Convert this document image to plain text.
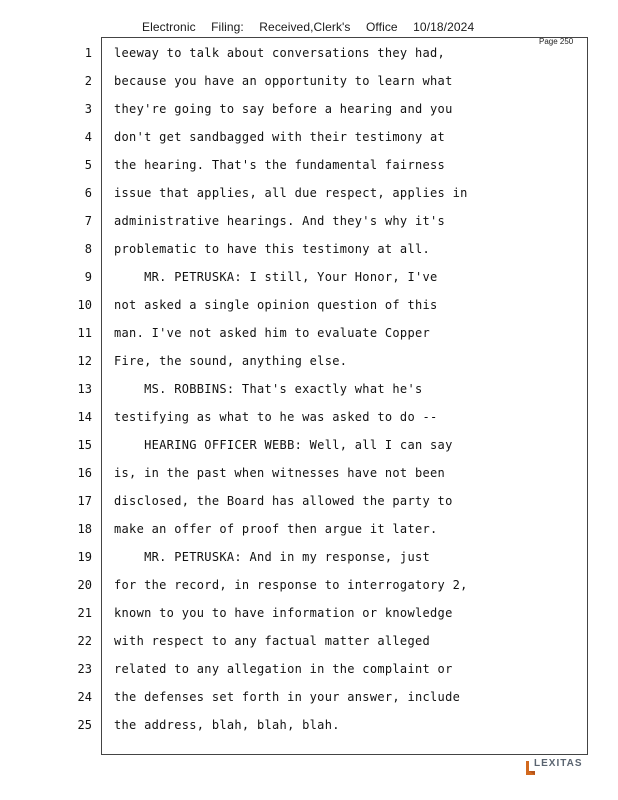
Electronic Filing: Received,Clerk's Office 10/18/2024
Page 250
1 leeway to talk about conversations they had,
2 because you have an opportunity to learn what
3 they're going to say before a hearing and you
4 don't get sandbagged with their testimony at
5 the hearing. That's the fundamental fairness
6 issue that applies, all due respect, applies in
7 administrative hearings. And they's why it's
8 problematic to have this testimony at all.
9 MR. PETRUSKA: I still, Your Honor, I've
10 not asked a single opinion question of this
11 man. I've not asked him to evaluate Copper
12 Fire, the sound, anything else.
13 MS. ROBBINS: That's exactly what he's
14 testifying as what to he was asked to do --
15 HEARING OFFICER WEBB: Well, all I can say
16 is, in the past when witnesses have not been
17 disclosed, the Board has allowed the party to
18 make an offer of proof then argue it later.
19 MR. PETRUSKA: And in my response, just
20 for the record, in response to interrogatory 2,
21 known to you to have information or knowledge
22 with respect to any factual matter alleged
23 related to any allegation in the complaint or
24 the defenses set forth in your answer, include
25 the address, blah, blah, blah.
LEXITAS
